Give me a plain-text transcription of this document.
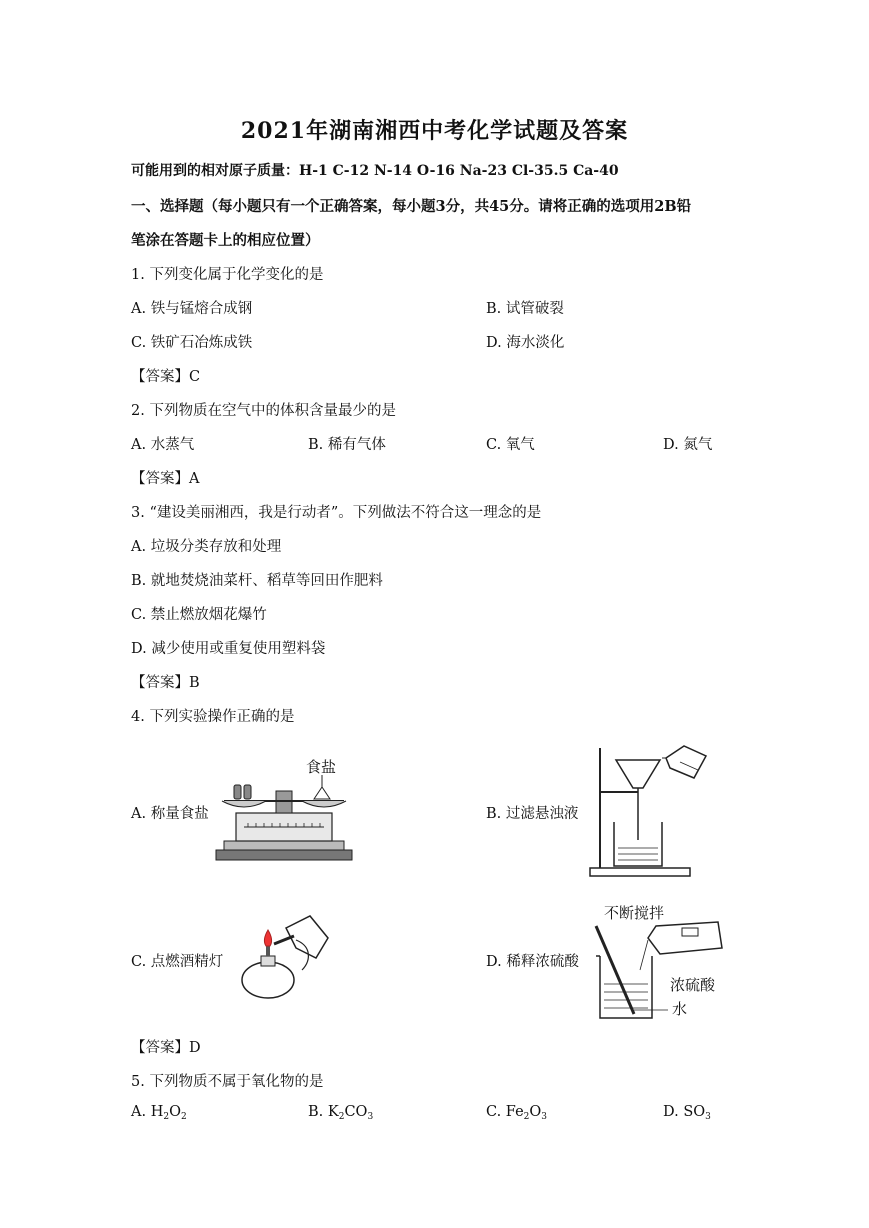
2021年湖南湘西中考化学试题及答案
可能用到的相对原子质量：H-1 C-12 N-14 O-16 Na-23 Cl-35.5 Ca-40
一、选择题（每小题只有一个正确答案，每小题3分，共45分。请将正确的选项用2B铅
笔涂在答题卡上的相应位置）
1. 下列变化属于化学变化的是
A. 铁与锰熔合成钢	B. 试管破裂
C. 铁矿石冶炼成铁	D. 海水淡化
【答案】C
2. 下列物质在空气中的体积含量最少的是
A. 水蒸气	B. 稀有气体	C. 氧气	D. 氮气
【答案】A
3. “建设美丽湘西，我是行动者”。下列做法不符合这一理念的是
A. 垃圾分类存放和处理
B. 就地焚烧油菜杆、稻草等回田作肥料
C. 禁止燃放烟花爆竹
D. 减少使用或重复使用塑料袋
【答案】B
4. 下列实验操作正确的是
A. 称量食盐	B. 过滤悬浊液
C. 点燃酒精灯	D. 稀释浓硫酸
食盐
不断搅拌
浓硫酸
水
【答案】D
5. 下列物质不属于氧化物的是
A. $H_2O_2$	B. $K_2CO_3$	C. $Fe_2O_3$	D. $SO_3$
